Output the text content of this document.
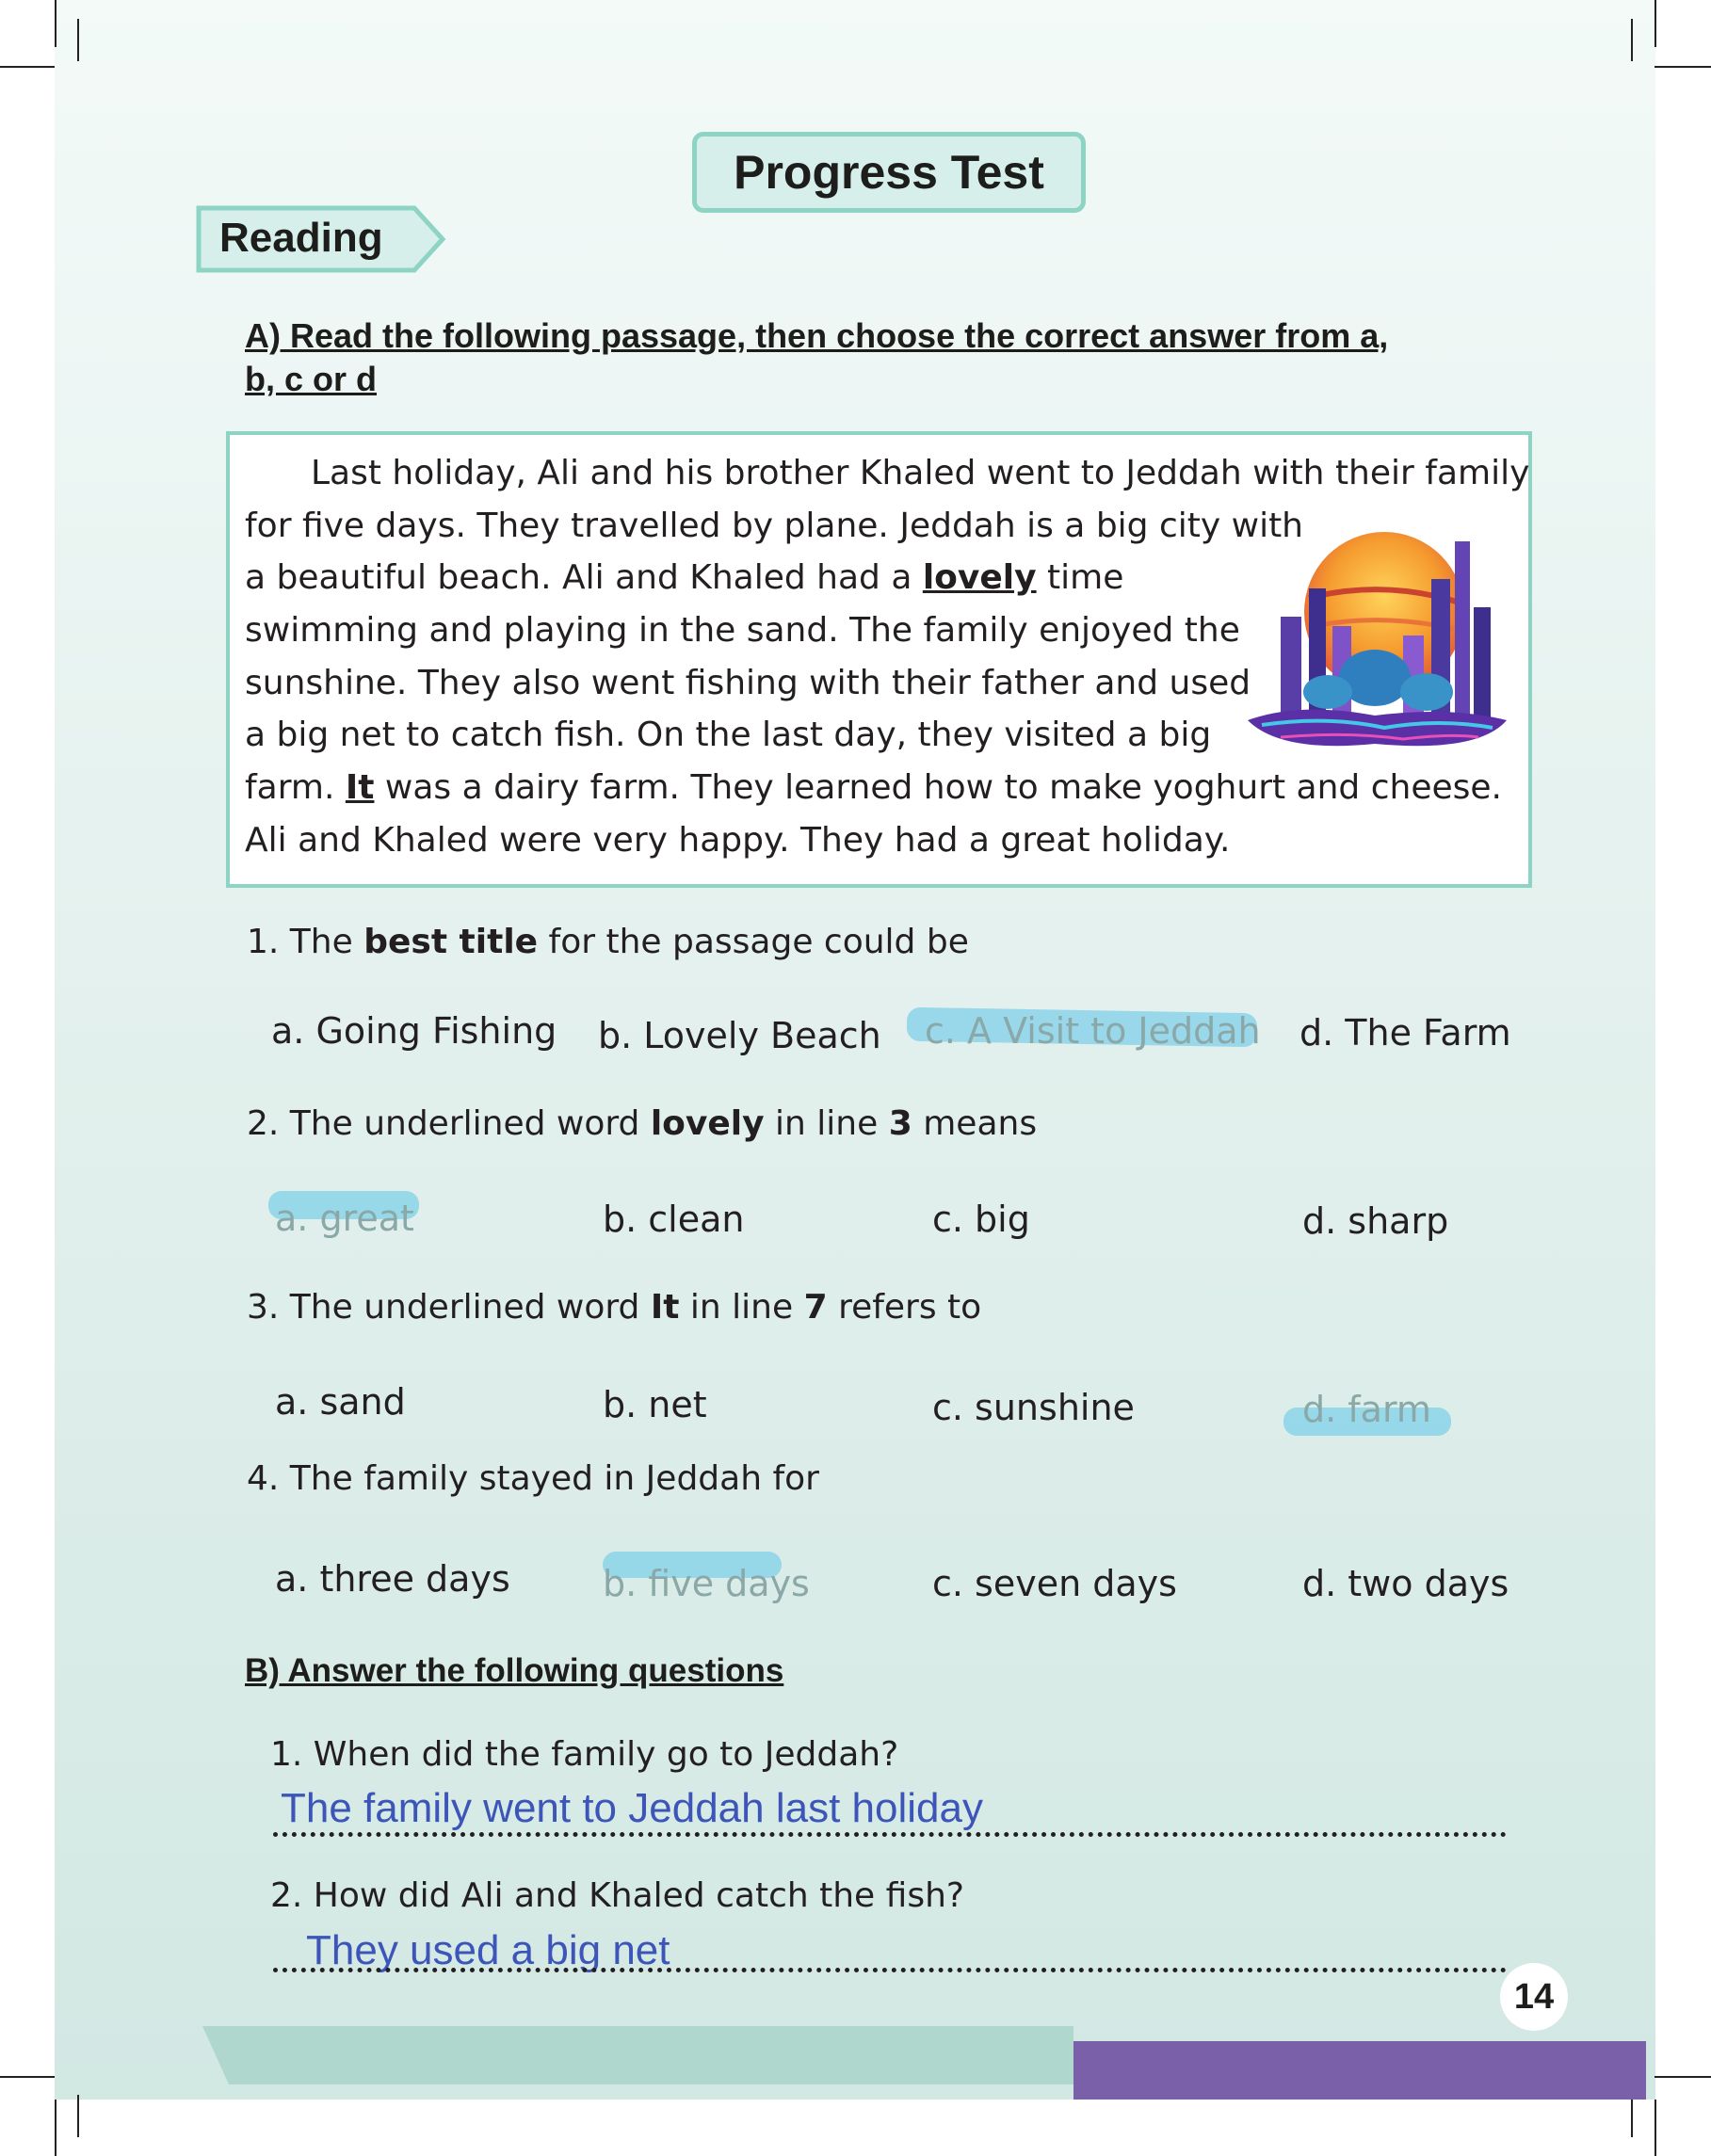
Progress Test
Reading
A) Read the following passage, then choose the correct answer from a,
b, c or d
Last holiday, Ali and his brother Khaled went to Jeddah with their family
for five days. They travelled by plane. Jeddah is a big city with
a beautiful beach. Ali and Khaled had a lovely time
swimming and playing in the sand. The family enjoyed the
sunshine. They also went fishing with their father and used
a big net to catch fish. On the last day, they visited a big
farm. It was a dairy farm. They learned how to make yoghurt and cheese.
Ali and Khaled were very happy. They had a great holiday.
1. The best title for the passage could be
a. Going Fishing b. Lovely Beach c. A Visit to Jeddah d. The Farm
2. The underlined word lovely in line 3 means
a. great	b. clean	c. big	d. sharp
3. The underlined word It in line 7 refers to
a. sand	b. net	c. sunshine	d. farm
4. The family stayed in Jeddah for
a. three days	b. five days	c. seven days	d. two days
B) Answer the following questions
1. When did the family go to Jeddah?
The family went to Jeddah last holiday
2. How did Ali and Khaled catch the fish?
They used a big net
14
